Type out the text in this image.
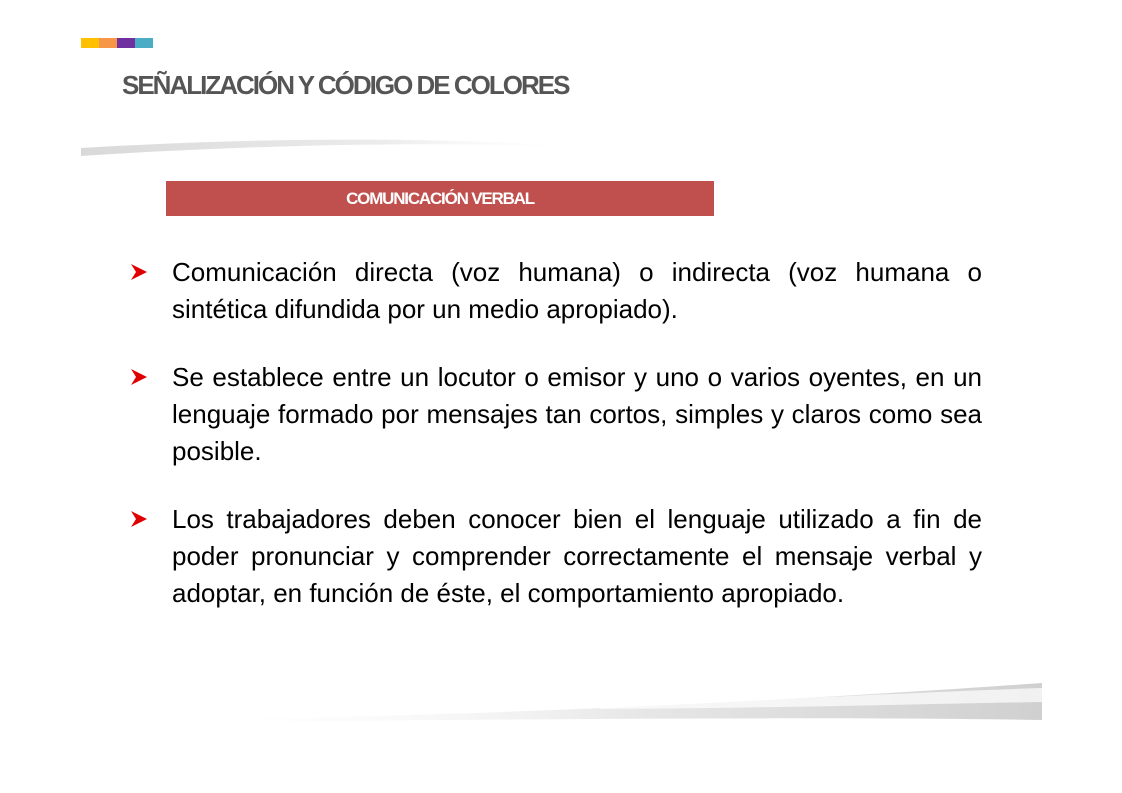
SEÑALIZACIÓN Y CÓDIGO DE COLORES
COMUNICACIÓN VERBAL

Comunicación directa (voz humana) o indirecta (voz humana o sintética difundida por un medio apropiado).

Se establece entre un locutor o emisor y uno o varios oyentes, en un lenguaje formado por mensajes tan cortos, simples y claros como sea posible.

Los trabajadores deben conocer bien el lenguaje utilizado a fin de poder pronunciar y comprender correctamente el mensaje verbal y adoptar, en función de éste, el comportamiento apropiado.
